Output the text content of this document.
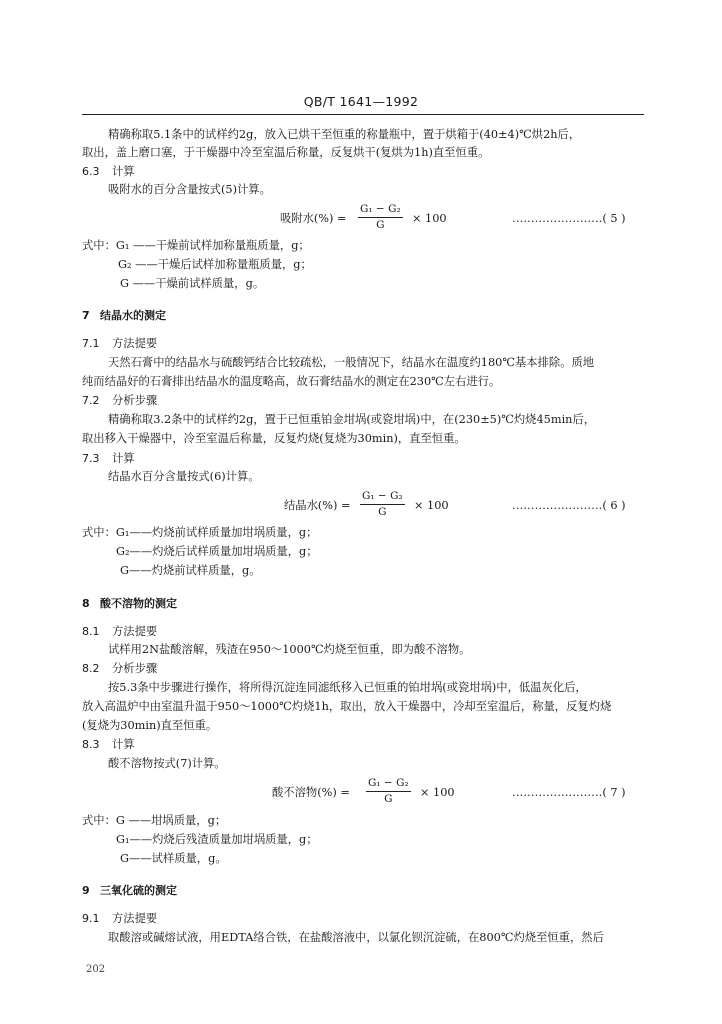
QB/T 1641—1992
精确称取5.1条中的试样约2g，放入已烘干至恒重的称量瓶中，置于烘箱于(40±4)℃烘2h后，
取出，盖上磨口塞，于干燥器中冷至室温后称量，反复烘干(复烘为1h)直至恒重。
6.3 计算
吸附水的百分含量按式(5)计算。
吸附水(%) = $\frac{\text{G₁ − G₂}}{G} \times 100$	……………………( 5 )
式中：G₁ ——干燥前试样加称量瓶质量，g；
G₂ ——干燥后试样加称量瓶质量，g；
G ——干燥前试样质量，g。
7 结晶水的测定
7.1 方法提要
天然石膏中的结晶水与硫酸钙结合比较疏松，一般情况下，结晶水在温度约180℃基本排除。质地
纯而结晶好的石膏排出结晶水的温度略高，故石膏结晶水的测定在230℃左右进行。
7.2 分析步骤
精确称取3.2条中的试样约2g，置于已恒重铂金坩埚(或瓷坩埚)中，在(230±5)℃灼烧45min后，
取出移入干燥器中，冷至室温后称量，反复灼烧(复烧为30min)，直至恒重。
7.3 计算
结晶水百分含量按式(6)计算。
结晶水(%) = $\frac{\text{G₁ − G₂}}{G} \times 100$	……………………( 6 )
式中：G₁——灼烧前试样质量加坩埚质量，g；
G₂——灼烧后试样质量加坩埚质量，g；
G——灼烧前试样质量，g。
8 酸不溶物的测定
8.1 方法提要
试样用2N盐酸溶解，残渣在950～1000℃灼烧至恒重，即为酸不溶物。
8.2 分析步骤
按5.3条中步骤进行操作，将所得沉淀连同滤纸移入已恒重的铂坩埚(或瓷坩埚)中，低温灰化后，
放入高温炉中由室温升温于950～1000℃灼烧1h，取出，放入干燥器中，冷却至室温后，称量，反复灼烧
(复烧为30min)直至恒重。
8.3 计算
酸不溶物按式(7)计算。
酸不溶物(%) = $\frac{\text{G₁ − G₂}}{G} \times 100$	……………………( 7 )
式中：G ——坩埚质量，g；
G₁——灼烧后残渣质量加坩埚质量，g；
G——试样质量，g。
9 三氧化硫的测定
9.1 方法提要
取酸溶或碱熔试液，用EDTA络合铁，在盐酸溶液中，以氯化钡沉淀硫，在800℃灼烧至恒重，然后
202
